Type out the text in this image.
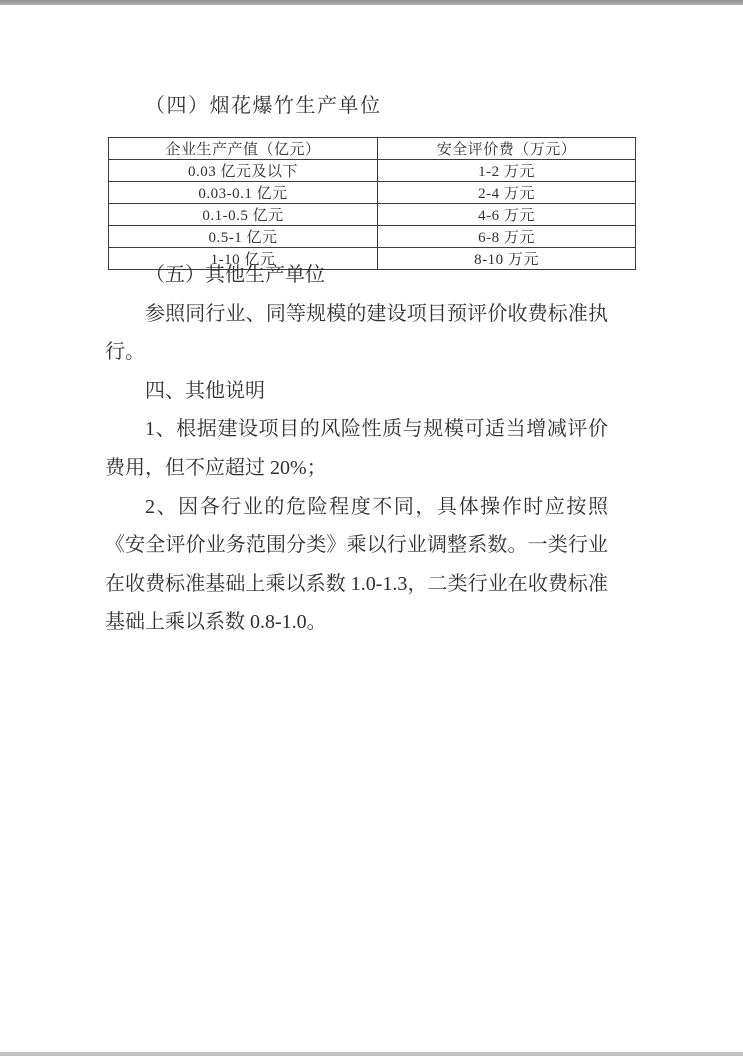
（四）烟花爆竹生产单位
企业生产产值（亿元）	安全评价费（万元）
0.03 亿元及以下	1-2 万元
0.03-0.1 亿元	2-4 万元
0.1-0.5 亿元	4-6 万元
0.5-1 亿元	6-8 万元
1-10 亿元	8-10 万元

（五）其他生产单位

参照同行业、同等规模的建设项目预评价收费标准执行。

四、其他说明

1、根据建设项目的风险性质与规模可适当增减评价费用，但不应超过 20%；

2、因各行业的危险程度不同，具体操作时应按照《安全评价业务范围分类》乘以行业调整系数。一类行业在收费标准基础上乘以系数 1.0-1.3，二类行业在收费标准基础上乘以系数 0.8-1.0。
